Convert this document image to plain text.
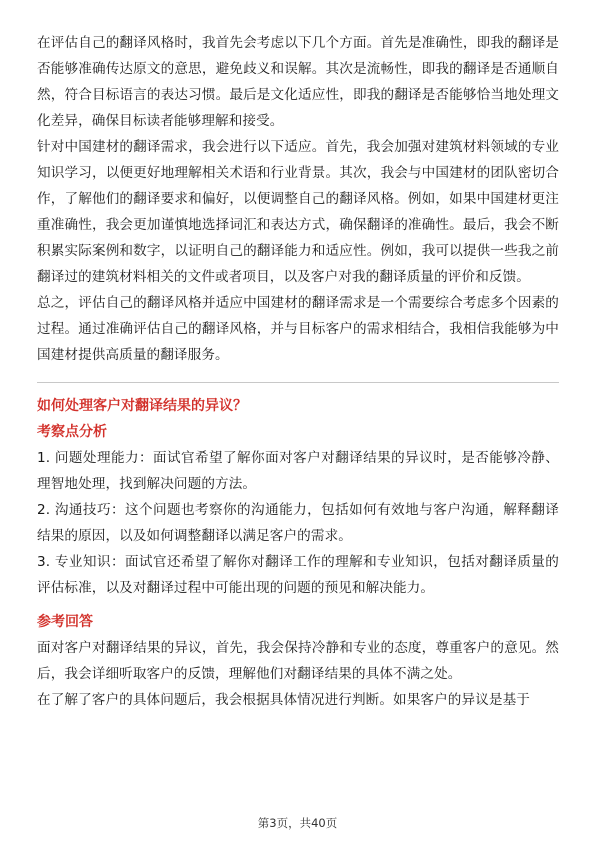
在评估自己的翻译风格时，我首先会考虑以下几个方面。首先是准确性，即我的翻译是否能够准确传达原文的意思，避免歧义和误解。其次是流畅性，即我的翻译是否通顺自然，符合目标语言的表达习惯。最后是文化适应性，即我的翻译是否能够恰当地处理文化差异，确保目标读者能够理解和接受。

针对中国建材的翻译需求，我会进行以下适应。首先，我会加强对建筑材料领域的专业知识学习，以便更好地理解相关术语和行业背景。其次，我会与中国建材的团队密切合作，了解他们的翻译要求和偏好，以便调整自己的翻译风格。例如，如果中国建材更注重准确性，我会更加谨慎地选择词汇和表达方式，确保翻译的准确性。最后，我会不断积累实际案例和数字，以证明自己的翻译能力和适应性。例如，我可以提供一些我之前翻译过的建筑材料相关的文件或者项目，以及客户对我的翻译质量的评价和反馈。

总之，评估自己的翻译风格并适应中国建材的翻译需求是一个需要综合考虑多个因素的过程。通过准确评估自己的翻译风格，并与目标客户的需求相结合，我相信我能够为中国建材提供高质量的翻译服务。

如何处理客户对翻译结果的异议？

考察点分析

1. 问题处理能力：面试官希望了解你面对客户对翻译结果的异议时，是否能够冷静、理智地处理，找到解决问题的方法。

2. 沟通技巧：这个问题也考察你的沟通能力，包括如何有效地与客户沟通，解释翻译结果的原因，以及如何调整翻译以满足客户的需求。

3. 专业知识：面试官还希望了解你对翻译工作的理解和专业知识，包括对翻译质量的评估标准，以及对翻译过程中可能出现的问题的预见和解决能力。

参考回答

面对客户对翻译结果的异议，首先，我会保持冷静和专业的态度，尊重客户的意见。然后，我会详细听取客户的反馈，理解他们对翻译结果的具体不满之处。

在了解了客户的具体问题后，我会根据具体情况进行判断。如果客户的异议是基于

第3页，共40页
